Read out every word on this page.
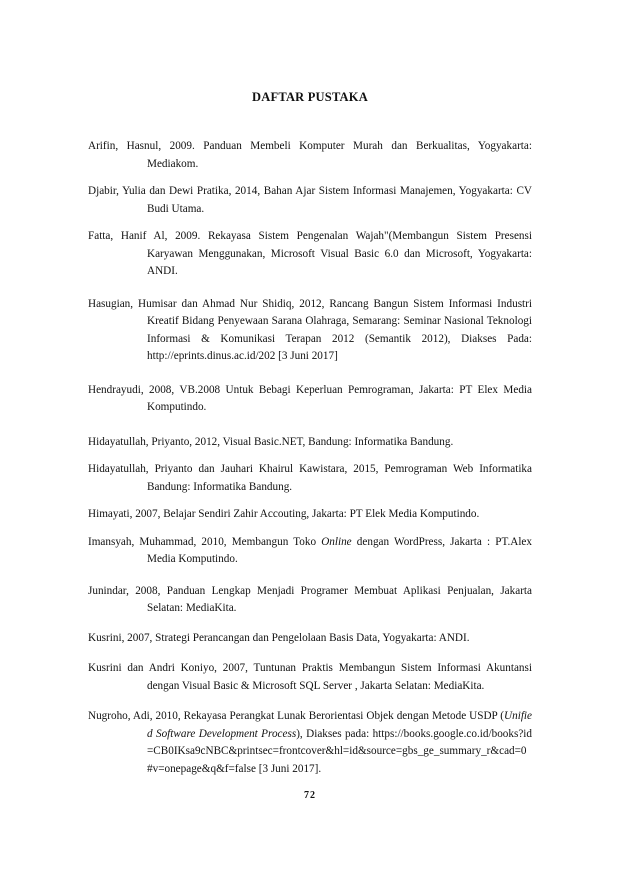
DAFTAR PUSTAKA

Arifin, Hasnul, 2009. Panduan Membeli Komputer Murah dan Berkualitas, Yogyakarta: Mediakom.

Djabir, Yulia dan Dewi Pratika, 2014, Bahan Ajar Sistem Informasi Manajemen, Yogyakarta: CV Budi Utama.

Fatta, Hanif Al, 2009. Rekayasa Sistem Pengenalan Wajah"(Membangun Sistem Presensi Karyawan Menggunakan, Microsoft Visual Basic 6.0 dan Microsoft, Yogyakarta: ANDI.

Hasugian, Humisar dan Ahmad Nur Shidiq, 2012, Rancang Bangun Sistem Informasi Industri Kreatif Bidang Penyewaan Sarana Olahraga, Semarang: Seminar Nasional Teknologi Informasi & Komunikasi Terapan 2012 (Semantik 2012), Diakses Pada: http://eprints.dinus.ac.id/202 [3 Juni 2017]

Hendrayudi, 2008, VB.2008 Untuk Bebagi Keperluan Pemrograman, Jakarta: PT Elex Media Komputindo.

Hidayatullah, Priyanto, 2012, Visual Basic.NET, Bandung: Informatika Bandung.

Hidayatullah, Priyanto dan Jauhari Khairul Kawistara, 2015, Pemrograman Web Informatika Bandung: Informatika Bandung.

Himayati, 2007, Belajar Sendiri Zahir Accouting, Jakarta: PT Elek Media Komputindo.

Imansyah, Muhammad, 2010, Membangun Toko Online dengan WordPress, Jakarta : PT.Alex Media Komputindo.

Junindar, 2008, Panduan Lengkap Menjadi Programer Membuat Aplikasi Penjualan, Jakarta Selatan: MediaKita.

Kusrini, 2007, Strategi Perancangan dan Pengelolaan Basis Data, Yogyakarta: ANDI.

Kusrini dan Andri Koniyo, 2007, Tuntunan Praktis Membangun Sistem Informasi Akuntansi dengan Visual Basic & Microsoft SQL Server , Jakarta Selatan: MediaKita.

Nugroho, Adi, 2010, Rekayasa Perangkat Lunak Berorientasi Objek dengan Metode USDP (Unified Software Development Process), Diakses pada: https://books.google.co.id/books?id=CB0IKsa9cNBC&printsec=frontcover&hl=id&source=gbs_ge_summary_r&cad=0#v=onepage&q&f=false [3 Juni 2017].

72
